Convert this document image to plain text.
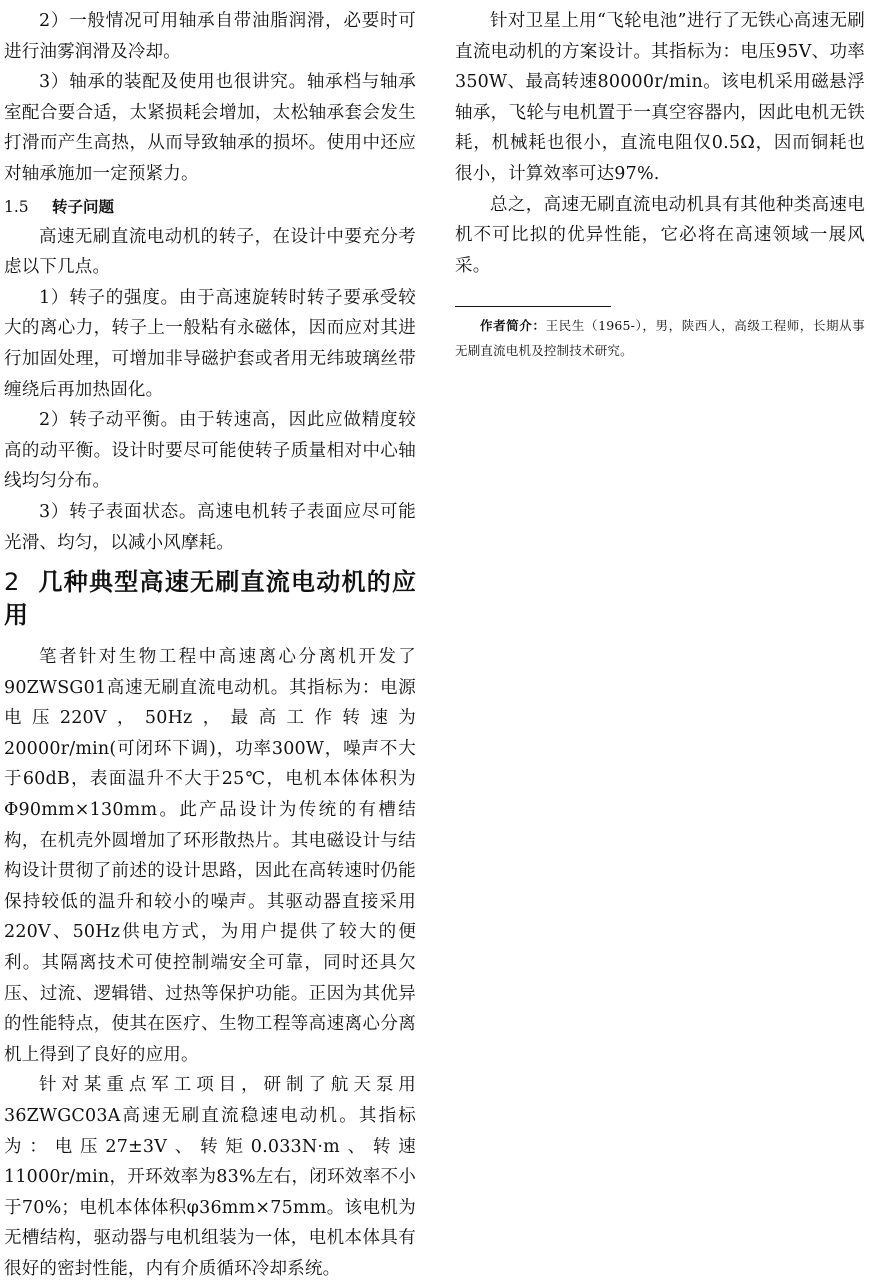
2）一般情况可用轴承自带油脂润滑，必要时可进行油雾润滑及冷却。

3）轴承的装配及使用也很讲究。轴承档与轴承室配合要合适，太紧损耗会增加，太松轴承套会发生打滑而产生高热，从而导致轴承的损坏。使用中还应对轴承施加一定预紧力。

1.5 转子问题

高速无刷直流电动机的转子，在设计中要充分考虑以下几点。

1）转子的强度。由于高速旋转时转子要承受较大的离心力，转子上一般粘有永磁体，因而应对其进行加固处理，可增加非导磁护套或者用无纬玻璃丝带缠绕后再加热固化。

2）转子动平衡。由于转速高，因此应做精度较高的动平衡。设计时要尽可能使转子质量相对中心轴线均匀分布。

3）转子表面状态。高速电机转子表面应尽可能光滑、均匀，以减小风摩耗。

2 几种典型高速无刷直流电动机的应用

笔者针对生物工程中高速离心分离机开发了90ZWSG01高速无刷直流电动机。其指标为：电源电压220V，50Hz，最高工作转速为20000r/min(可闭环下调)，功率300W，噪声不大于60dB，表面温升不大于25℃，电机本体体积为Φ90mm×130mm。此产品设计为传统的有槽结构，在机壳外圆增加了环形散热片。其电磁设计与结构设计贯彻了前述的设计思路，因此在高转速时仍能保持较低的温升和较小的噪声。其驱动器直接采用220V、50Hz供电方式，为用户提供了较大的便利。其隔离技术可使控制端安全可靠，同时还具欠压、过流、逻辑错、过热等保护功能。正因为其优异的性能特点，使其在医疗、生物工程等高速离心分离机上得到了良好的应用。

针对某重点军工项目，研制了航天泵用36ZWGC03A高速无刷直流稳速电动机。其指标为：电压27±3V、转矩0.033N·m、转速11000r/min，开环效率为83%左右，闭环效率不小于70%；电机本体体积φ36mm×75mm。该电机为无槽结构，驱动器与电机组装为一体，电机本体具有很好的密封性能，内有介质循环冷却系统。

针对卫星上用“飞轮电池”进行了无铁心高速无刷直流电动机的方案设计。其指标为：电压95V、功率350W、最高转速80000r/min。该电机采用磁悬浮轴承，飞轮与电机置于一真空容器内，因此电机无铁耗，机械耗也很小，直流电阻仅0.5Ω，因而铜耗也很小，计算效率可达97%.

总之，高速无刷直流电动机具有其他种类高速电机不可比拟的优异性能，它必将在高速领域一展风采。

作者简介：王民生（1965-），男，陕西人，高级工程师，长期从事无刷直流电机及控制技术研究。
